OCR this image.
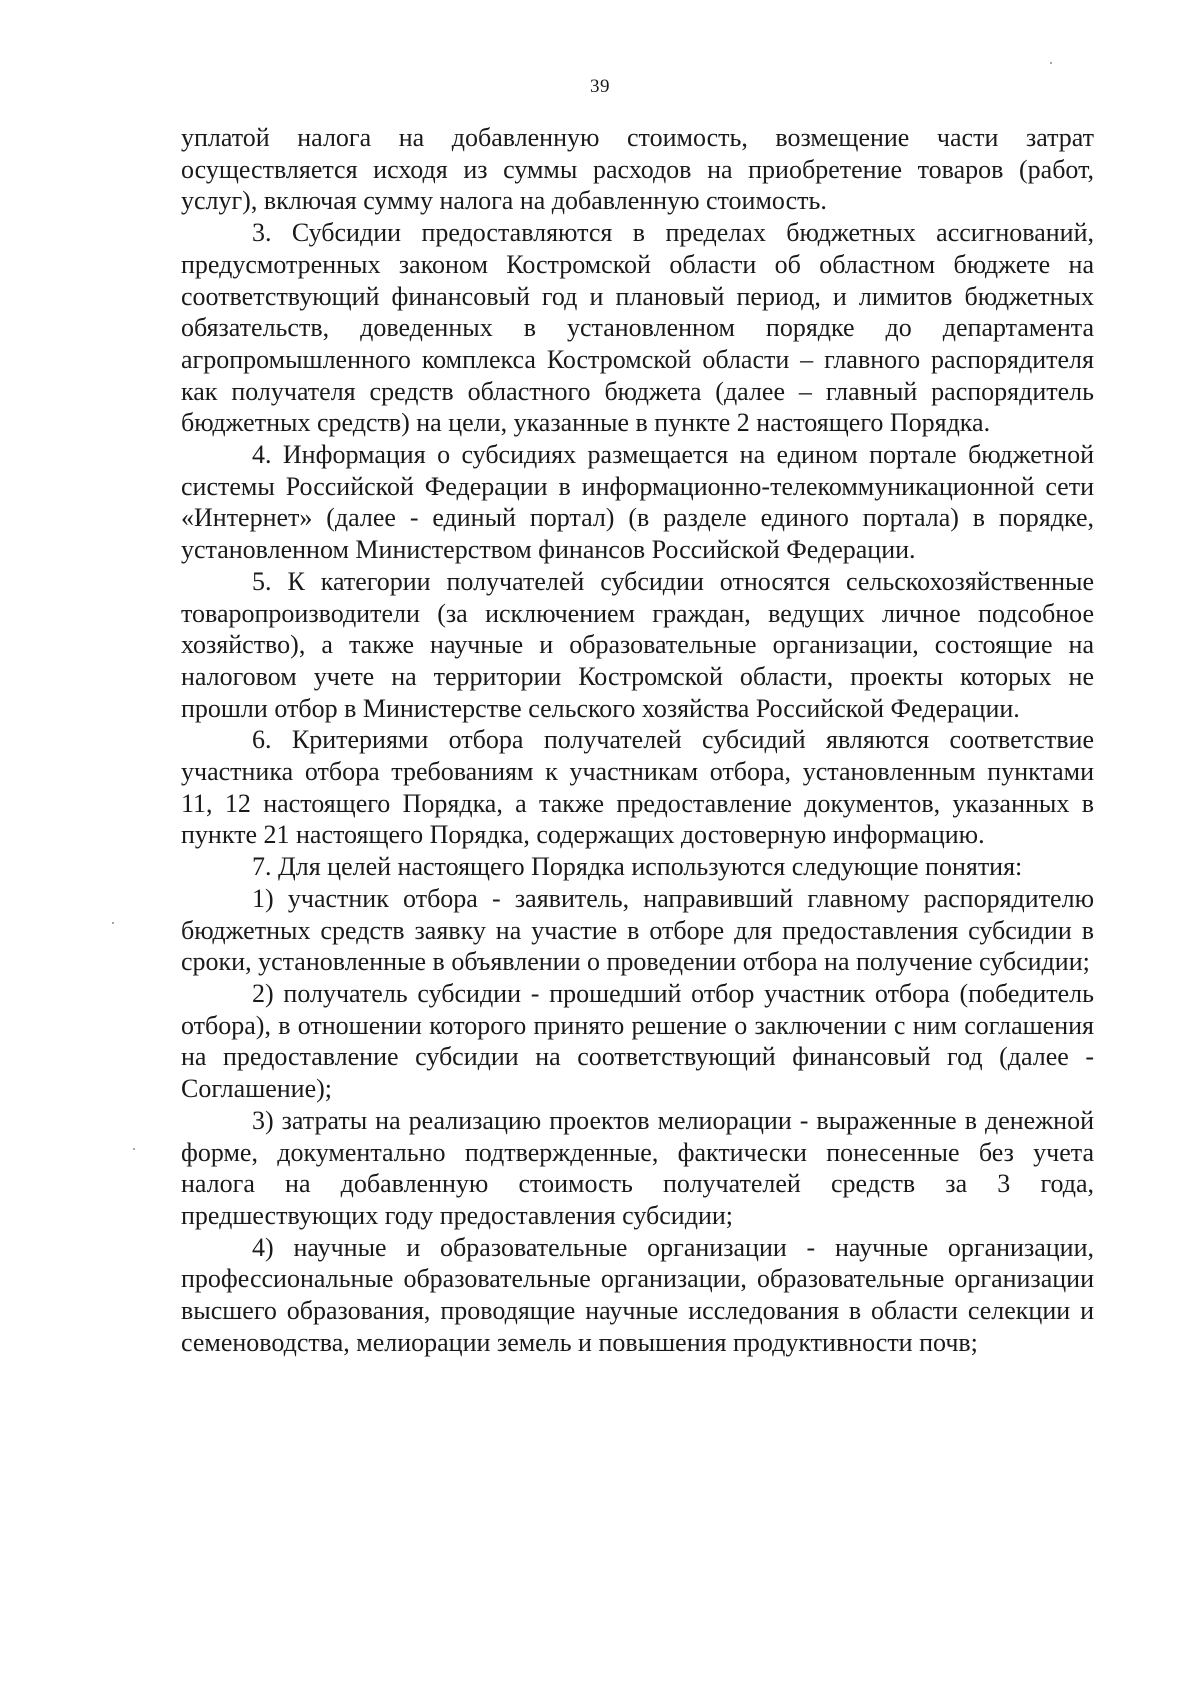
39

уплатой налога на добавленную стоимость, возмещение части затрат осуществляется исходя из суммы расходов на приобретение товаров (работ, услуг), включая сумму налога на добавленную стоимость.

3. Субсидии предоставляются в пределах бюджетных ассигнований, предусмотренных законом Костромской области об областном бюджете на соответствующий финансовый год и плановый период, и лимитов бюджетных обязательств, доведенных в установленном порядке до департамента агропромышленного комплекса Костромской области – главного распорядителя как получателя средств областного бюджета (далее – главный распорядитель бюджетных средств) на цели, указанные в пункте 2 настоящего Порядка.

4. Информация о субсидиях размещается на едином портале бюджетной системы Российской Федерации в информационно-телекоммуникационной сети «Интернет» (далее - единый портал) (в разделе единого портала) в порядке, установленном Министерством финансов Российской Федерации.

5. К категории получателей субсидии относятся сельскохозяйственные товаропроизводители (за исключением граждан, ведущих личное подсобное хозяйство), а также научные и образовательные организации, состоящие на налоговом учете на территории Костромской области, проекты которых не прошли отбор в Министерстве сельского хозяйства Российской Федерации.

6. Критериями отбора получателей субсидий являются соответствие участника отбора требованиям к участникам отбора, установленным пунктами 11, 12 настоящего Порядка, а также предоставление документов, указанных в пункте 21 настоящего Порядка, содержащих достоверную информацию.

7. Для целей настоящего Порядка используются следующие понятия:

1) участник отбора - заявитель, направивший главному распорядителю бюджетных средств заявку на участие в отборе для предоставления субсидии в сроки, установленные в объявлении о проведении отбора на получение субсидии;

2) получатель субсидии - прошедший отбор участник отбора (победитель отбора), в отношении которого принято решение о заключении с ним соглашения на предоставление субсидии на соответствующий финансовый год (далее - Соглашение);

3) затраты на реализацию проектов мелиорации - выраженные в денежной форме, документально подтвержденные, фактически понесенные без учета налога на добавленную стоимость получателей средств за 3 года, предшествующих году предоставления субсидии;

4) научные и образовательные организации - научные организации, профессиональные образовательные организации, образовательные организации высшего образования, проводящие научные исследования в области селекции и семеноводства, мелиорации земель и повышения продуктивности почв;
